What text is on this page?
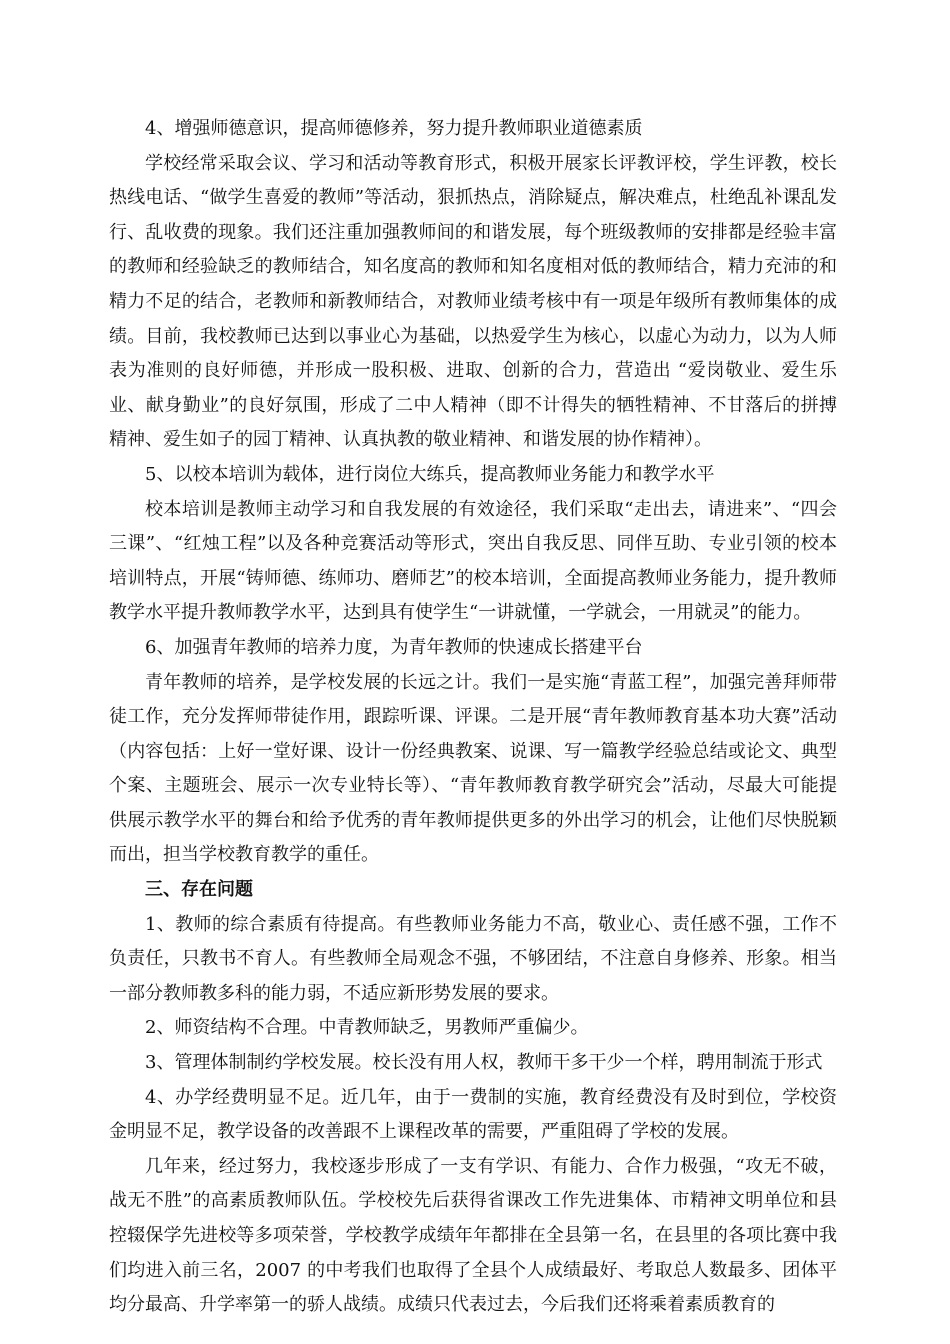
4、增强师德意识，提高师德修养，努力提升教师职业道德素质

学校经常采取会议、学习和活动等教育形式，积极开展家长评教评校，学生评教，校长热线电话、“做学生喜爱的教师”等活动，狠抓热点，消除疑点，解决难点，杜绝乱补课乱发行、乱收费的现象。我们还注重加强教师间的和谐发展，每个班级教师的安排都是经验丰富的教师和经验缺乏的教师结合，知名度高的教师和知名度相对低的教师结合，精力充沛的和精力不足的结合，老教师和新教师结合，对教师业绩考核中有一项是年级所有教师集体的成绩。目前，我校教师已达到以事业心为基础，以热爱学生为核心，以虚心为动力，以为人师表为准则的良好师德，并形成一股积极、进取、创新的合力，营造出 “爱岗敬业、爱生乐业、献身勤业”的良好氛围，形成了二中人精神（即不计得失的牺牲精神、不甘落后的拼搏精神、爱生如子的园丁精神、认真执教的敬业精神、和谐发展的协作精神）。

5、以校本培训为载体，进行岗位大练兵，提高教师业务能力和教学水平

校本培训是教师主动学习和自我发展的有效途径，我们采取“走出去，请进来”、“四会三课”、“红烛工程”以及各种竞赛活动等形式，突出自我反思、同伴互助、专业引领的校本培训特点，开展“铸师德、练师功、磨师艺”的校本培训，全面提高教师业务能力，提升教师教学水平提升教师教学水平，达到具有使学生“一讲就懂，一学就会，一用就灵”的能力。

6、加强青年教师的培养力度，为青年教师的快速成长搭建平台

青年教师的培养，是学校发展的长远之计。我们一是实施“青蓝工程”，加强完善拜师带徒工作，充分发挥师带徒作用，跟踪听课、评课。二是开展“青年教师教育基本功大赛”活动（内容包括：上好一堂好课、设计一份经典教案、说课、写一篇教学经验总结或论文、典型个案、主题班会、展示一次专业特长等）、“青年教师教育教学研究会”活动，尽最大可能提供展示教学水平的舞台和给予优秀的青年教师提供更多的外出学习的机会，让他们尽快脱颖而出，担当学校教育教学的重任。

三、存在问题

1、教师的综合素质有待提高。有些教师业务能力不高，敬业心、责任感不强，工作不负责任，只教书不育人。有些教师全局观念不强，不够团结，不注意自身修养、形象。相当一部分教师教多科的能力弱，不适应新形势发展的要求。

2、师资结构不合理。中青教师缺乏，男教师严重偏少。

3、管理体制制约学校发展。校长没有用人权，教师干多干少一个样，聘用制流于形式

4、办学经费明显不足。近几年，由于一费制的实施，教育经费没有及时到位，学校资金明显不足，教学设备的改善跟不上课程改革的需要，严重阻碍了学校的发展。

几年来，经过努力，我校逐步形成了一支有学识、有能力、合作力极强，“攻无不破，战无不胜”的高素质教师队伍。学校校先后获得省课改工作先进集体、市精神文明单位和县控辍保学先进校等多项荣誉，学校教学成绩年年都排在全县第一名，在县里的各项比赛中我们均进入前三名，2007 的中考我们也取得了全县个人成绩最好、考取总人数最多、团体平均分最高、升学率第一的骄人战绩。成绩只代表过去，今后我们还将乘着素质教育的
